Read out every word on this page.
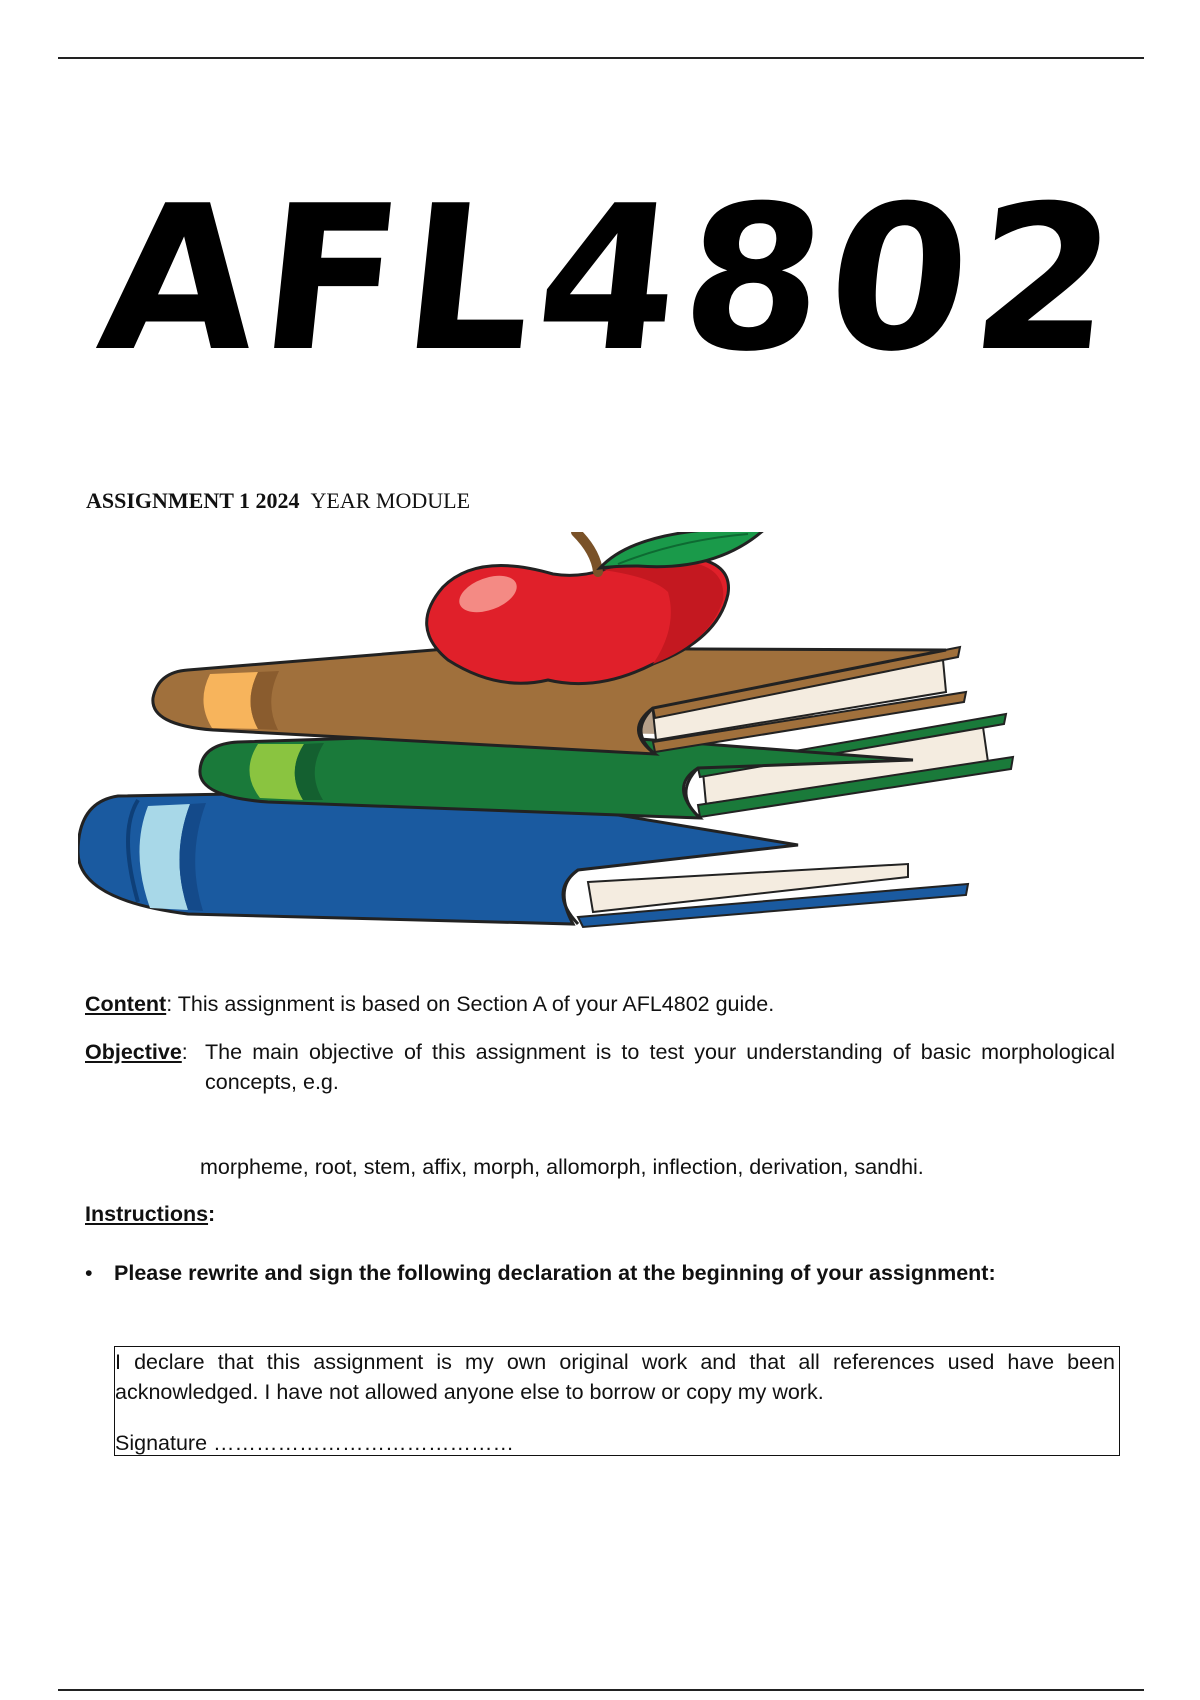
AFL4802
ASSIGNMENT 1 2024 YEAR MODULE
Content: This assignment is based on Section A of your AFL4802 guide.
Objective: The main objective of this assignment is to test your understanding of basic morphological concepts, e.g.
morpheme, root, stem, affix, morph, allomorph, inflection, derivation, sandhi.
Instructions:
• Please rewrite and sign the following declaration at the beginning of your assignment:
I declare that this assignment is my own original work and that all references used have been acknowledged. I have not allowed anyone else to borrow or copy my work.
Signature ……………………………………
